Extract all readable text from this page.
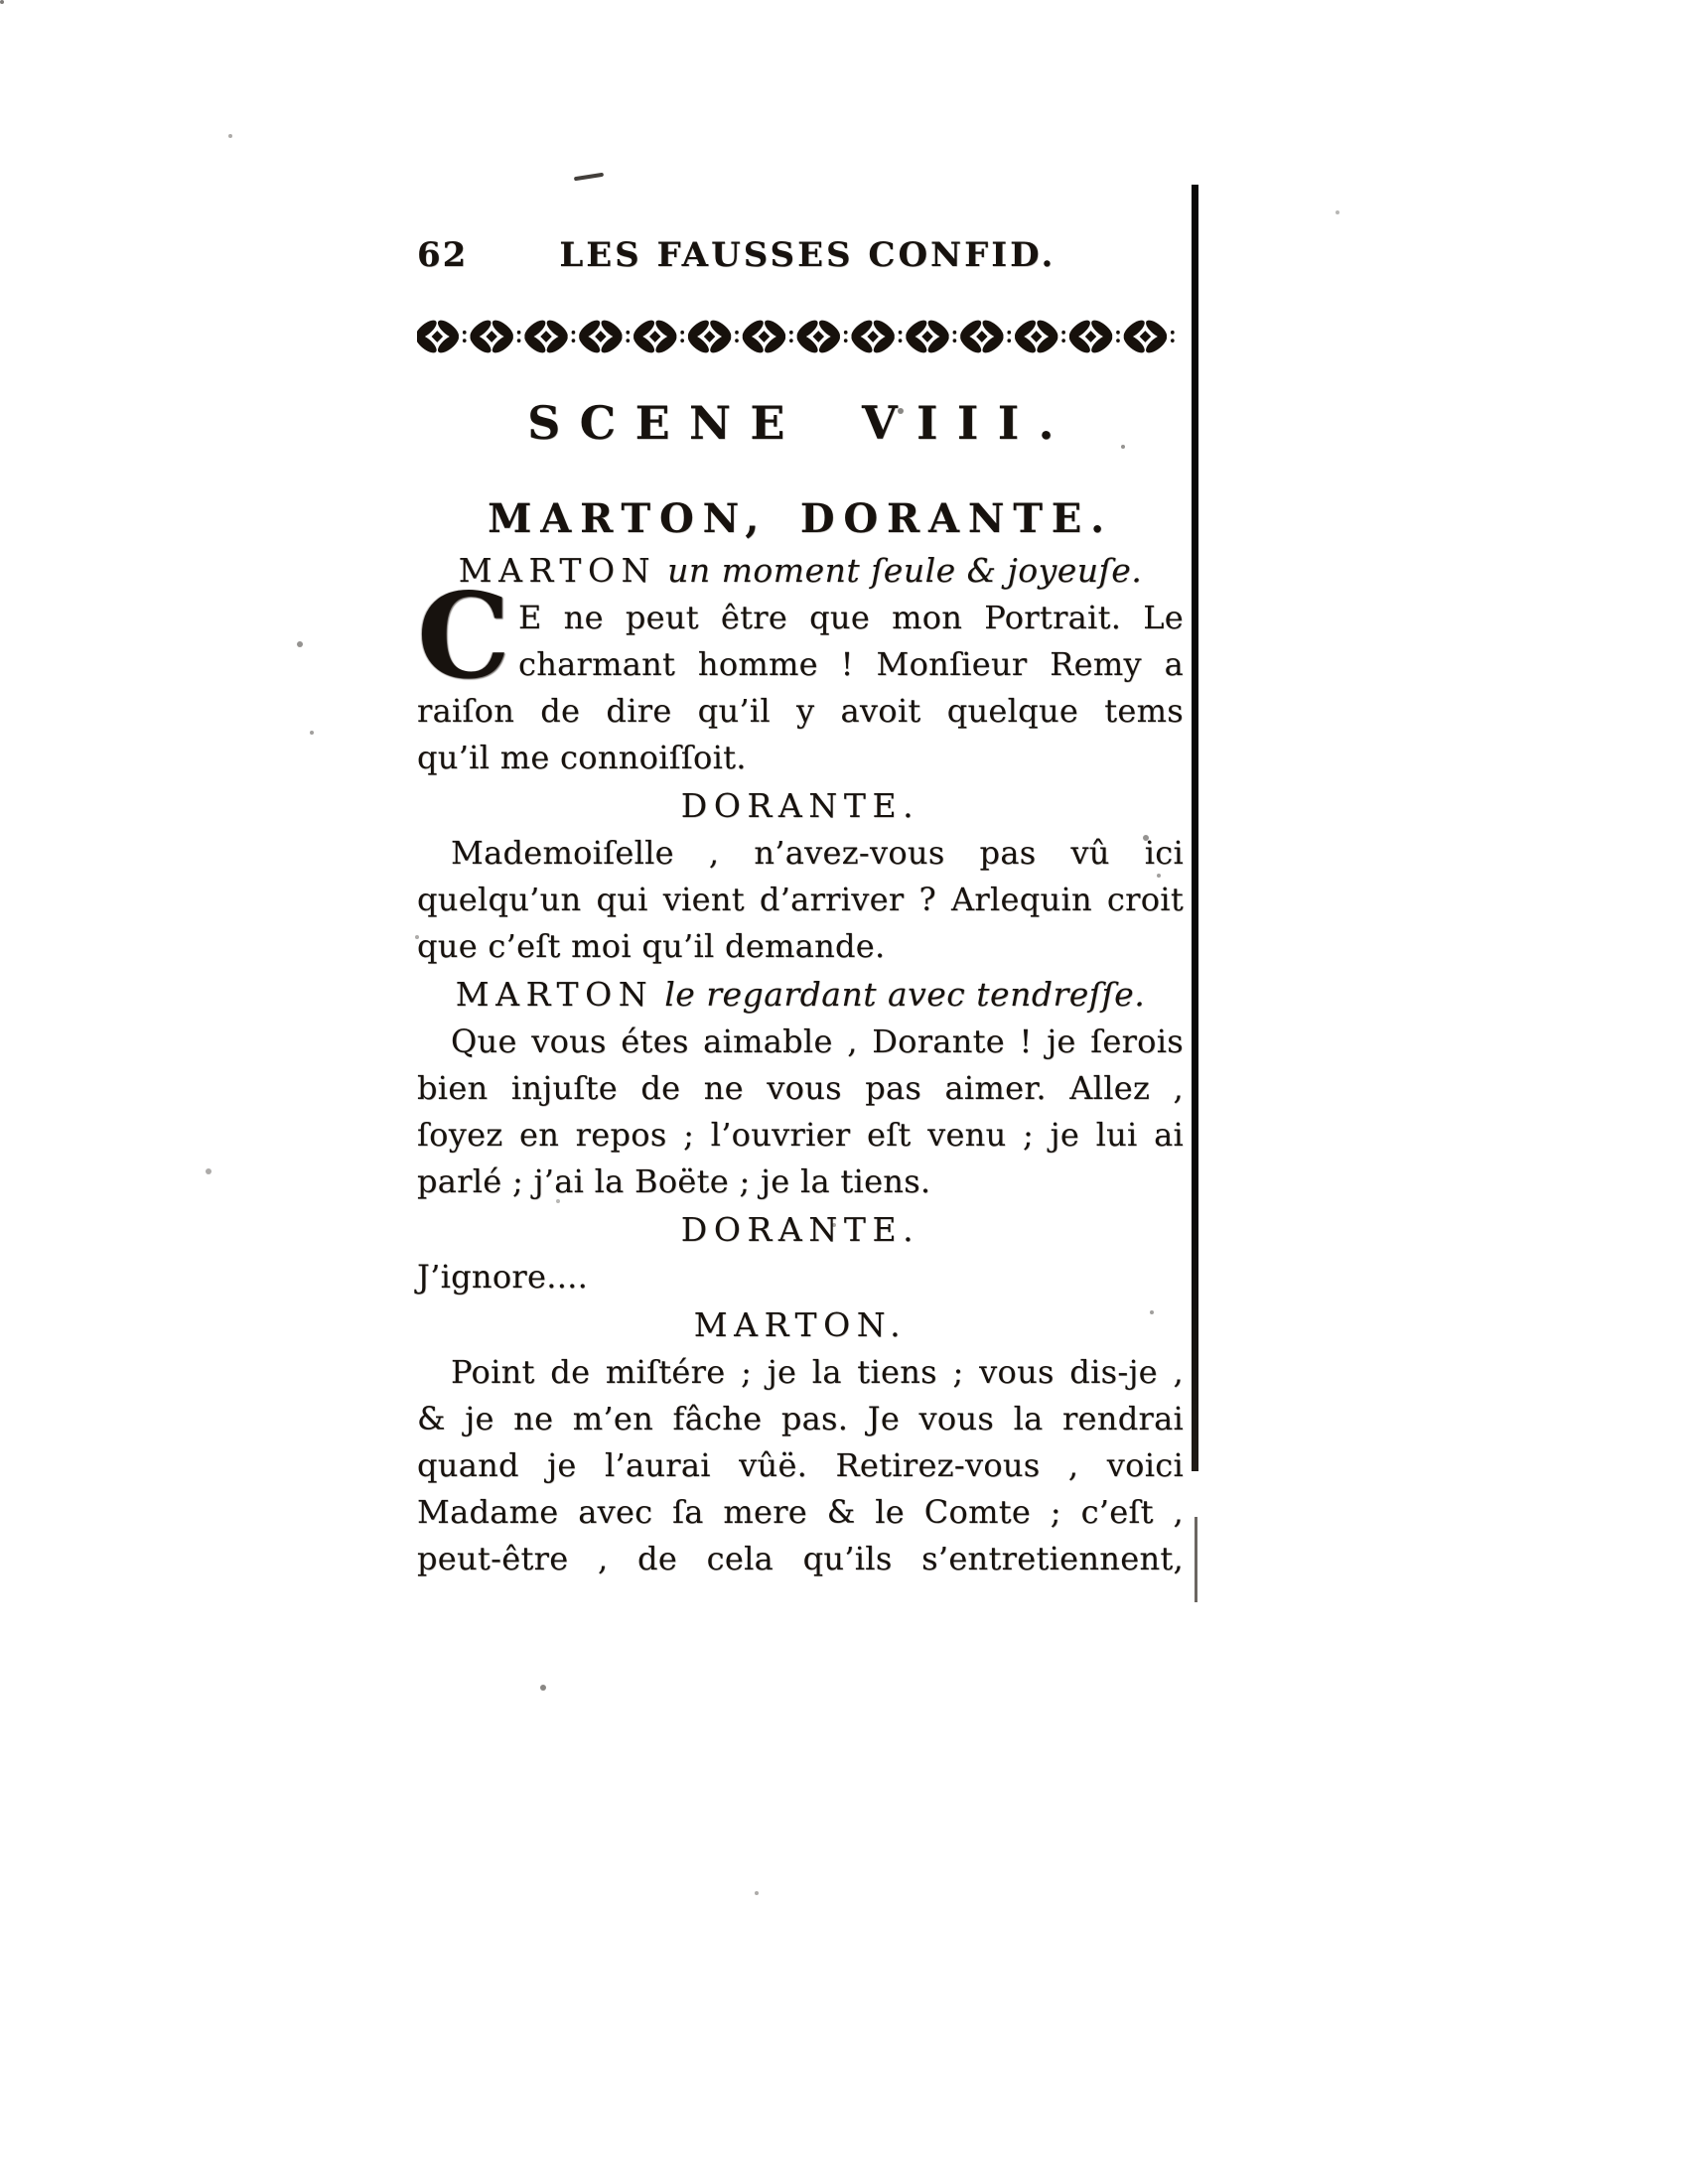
62	LES FAUSSES CONFID.
SCENE VIII.
MARTON, DORANTE.
MARTON un moment ſeule & joyeuſe.
C E ne peut être que mon Portrait. Le
charmant homme ! Monſieur Remy a
raiſon de dire qu’il y avoit quelque tems
qu’il me connoiſſoit.
DORANTE.
Mademoiſelle , n’avez-vous pas vû ici
quelqu’un qui vient d’arriver ? Arlequin croit
que c’eſt moi qu’il demande.
MARTON le regardant avec tendreſſe.
Que vous étes aimable , Dorante ! je ſerois
bien injuſte de ne vous pas aimer. Allez ,
ſoyez en repos ; l’ouvrier eſt venu ; je lui ai
parlé ; j’ai la Boëte ; je la tiens.
DORANTE.
J’ignore....
MARTON.
Point de miſtére ; je la tiens ; vous dis-je ,
& je ne m’en fâche pas. Je vous la rendrai
quand je l’aurai vûë. Retirez-vous , voici
Madame avec ſa mere & le Comte ; c’eſt ,
peut-être , de cela qu’ils s’entretiennent,
